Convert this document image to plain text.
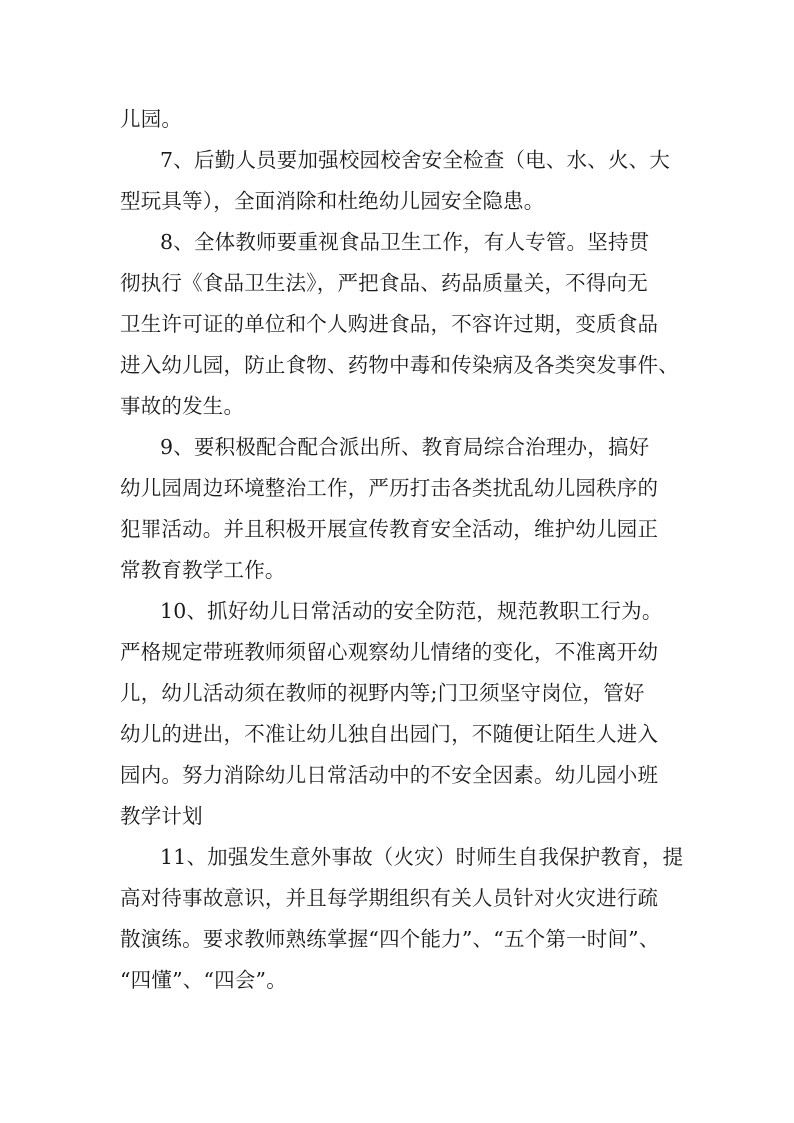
儿园。
7、后勤人员要加强校园校舍安全检查（电、水、火、大
型玩具等），全面消除和杜绝幼儿园安全隐患。
8、全体教师要重视食品卫生工作，有人专管。坚持贯
彻执行《食品卫生法》，严把食品、药品质量关，不得向无
卫生许可证的单位和个人购进食品，不容许过期，变质食品
进入幼儿园，防止食物、药物中毒和传染病及各类突发事件、
事故的发生。
9、要积极配合配合派出所、教育局综合治理办，搞好
幼儿园周边环境整治工作，严历打击各类扰乱幼儿园秩序的
犯罪活动。并且积极开展宣传教育安全活动，维护幼儿园正
常教育教学工作。
10、抓好幼儿日常活动的安全防范，规范教职工行为。
严格规定带班教师须留心观察幼儿情绪的变化，不准离开幼
儿，幼儿活动须在教师的视野内等;门卫须坚守岗位，管好
幼儿的进出，不准让幼儿独自出园门，不随便让陌生人进入
园内。努力消除幼儿日常活动中的不安全因素。幼儿园小班
教学计划
11、加强发生意外事故（火灾）时师生自我保护教育，提
高对待事故意识，并且每学期组织有关人员针对火灾进行疏
散演练。要求教师熟练掌握“四个能力”、“五个第一时间”、
“四懂”、“四会”。
